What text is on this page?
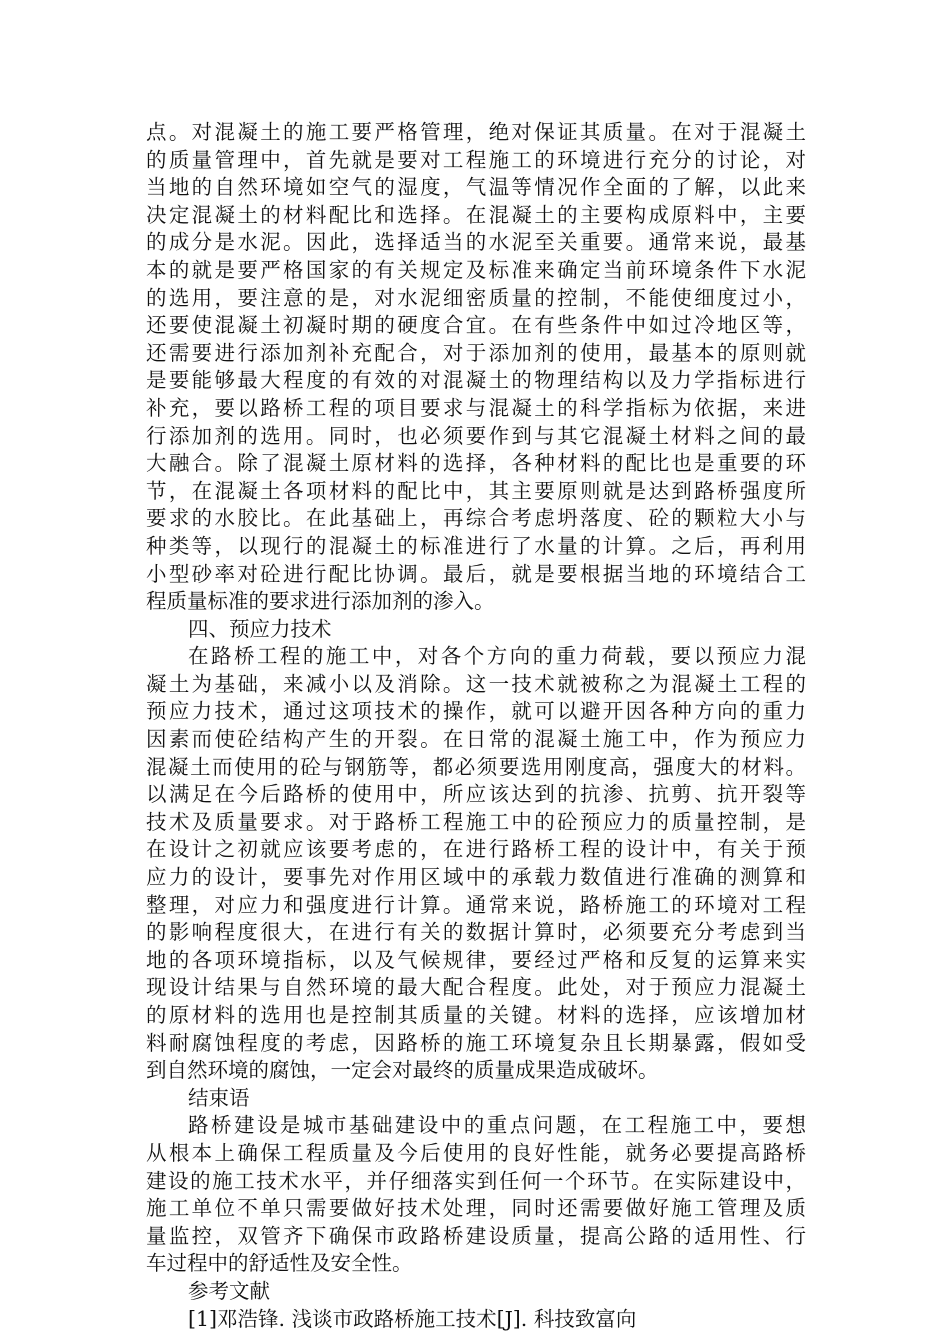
点。对混凝土的施工要严格管理，绝对保证其质量。在对于混凝土
的质量管理中，首先就是要对工程施工的环境进行充分的讨论，对
当地的自然环境如空气的湿度，气温等情况作全面的了解，以此来
决定混凝土的材料配比和选择。在混凝土的主要构成原料中，主要
的成分是水泥。因此，选择适当的水泥至关重要。通常来说，最基
本的就是要严格国家的有关规定及标准来确定当前环境条件下水泥
的选用，要注意的是，对水泥细密质量的控制，不能使细度过小，
还要使混凝土初凝时期的硬度合宜。在有些条件中如过冷地区等，
还需要进行添加剂补充配合，对于添加剂的使用，最基本的原则就
是要能够最大程度的有效的对混凝土的物理结构以及力学指标进行
补充，要以路桥工程的项目要求与混凝土的科学指标为依据，来进
行添加剂的选用。同时，也必须要作到与其它混凝土材料之间的最
大融合。除了混凝土原材料的选择，各种材料的配比也是重要的环
节，在混凝土各项材料的配比中，其主要原则就是达到路桥强度所
要求的水胶比。在此基础上，再综合考虑坍落度、砼的颗粒大小与
种类等，以现行的混凝土的标准进行了水量的计算。之后，再利用
小型砂率对砼进行配比协调。最后，就是要根据当地的环境结合工
程质量标准的要求进行添加剂的渗入。
四、预应力技术
在路桥工程的施工中，对各个方向的重力荷载，要以预应力混
凝土为基础，来减小以及消除。这一技术就被称之为混凝土工程的
预应力技术，通过这项技术的操作，就可以避开因各种方向的重力
因素而使砼结构产生的开裂。在日常的混凝土施工中，作为预应力
混凝土而使用的砼与钢筋等，都必须要选用刚度高，强度大的材料。
以满足在今后路桥的使用中，所应该达到的抗渗、抗剪、抗开裂等
技术及质量要求。对于路桥工程施工中的砼预应力的质量控制，是
在设计之初就应该要考虑的，在进行路桥工程的设计中，有关于预
应力的设计，要事先对作用区域中的承载力数值进行准确的测算和
整理，对应力和强度进行计算。通常来说，路桥施工的环境对工程
的影响程度很大，在进行有关的数据计算时，必须要充分考虑到当
地的各项环境指标，以及气候规律，要经过严格和反复的运算来实
现设计结果与自然环境的最大配合程度。此处，对于预应力混凝土
的原材料的选用也是控制其质量的关键。材料的选择，应该增加材
料耐腐蚀程度的考虑，因路桥的施工环境复杂且长期暴露，假如受
到自然环境的腐蚀，一定会对最终的质量成果造成破坏。
结束语
路桥建设是城市基础建设中的重点问题，在工程施工中，要想
从根本上确保工程质量及今后使用的良好性能，就务必要提高路桥
建设的施工技术水平，并仔细落实到任何一个环节。在实际建设中，
施工单位不单只需要做好技术处理，同时还需要做好施工管理及质
量监控，双管齐下确保市政路桥建设质量，提高公路的适用性、行
车过程中的舒适性及安全性。
参考文献
[1]邓浩锋. 浅谈市政路桥施工技术[J]. 科技致富向
